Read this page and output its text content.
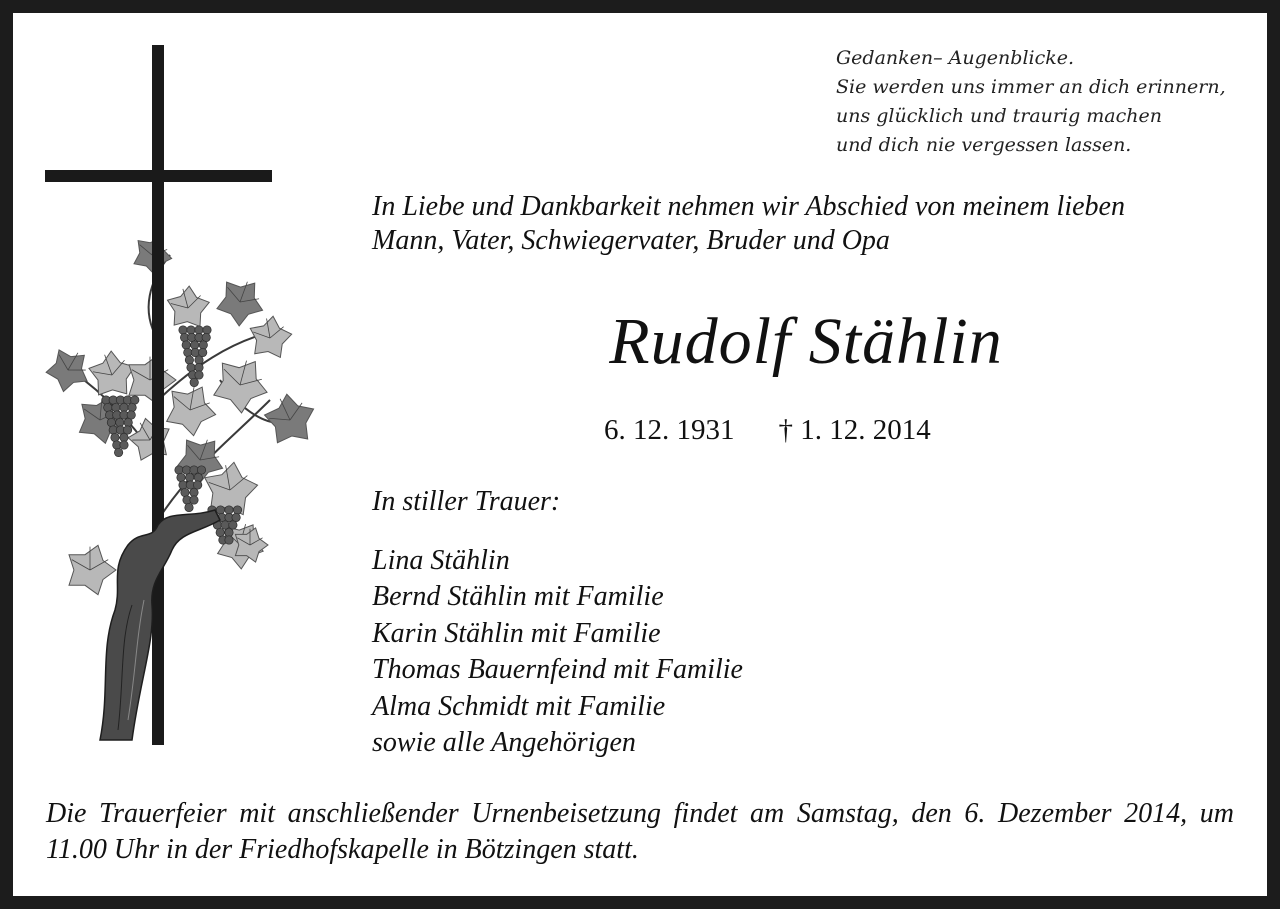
Gedanken– Augenblicke.
Sie werden uns immer an dich erinnern,
uns glücklich und traurig machen
und dich nie vergessen lassen.
In Liebe und Dankbarkeit nehmen wir Abschied von meinem lieben
Mann, Vater, Schwiegervater, Bruder und Opa
Rudolf Stählin
6. 12. 1931 † 1. 12. 2014
In stiller Trauer:
Lina Stählin
Bernd Stählin mit Familie
Karin Stählin mit Familie
Thomas Bauernfeind mit Familie
Alma Schmidt mit Familie
sowie alle Angehörigen
Die Trauerfeier mit anschließender Urnenbeisetzung findet am Samstag, den 6. Dezember 2014, um 11.00 Uhr in der Friedhofskapelle in Bötzingen statt.
